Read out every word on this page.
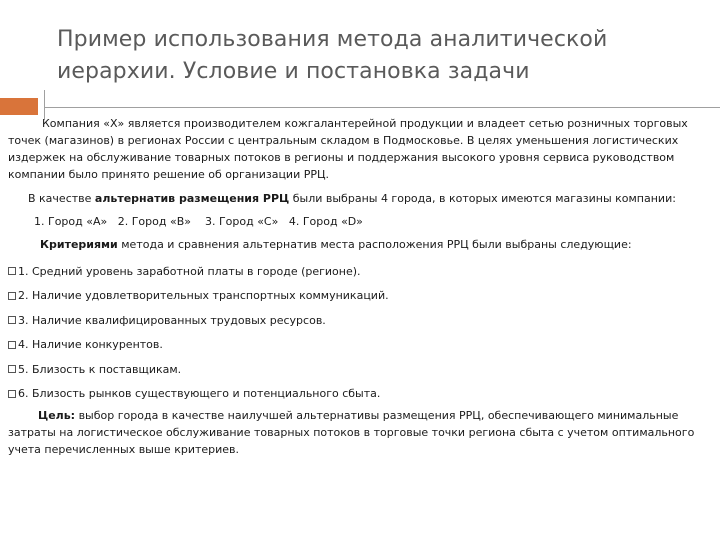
Пример использования метода аналитической
иерархии. Условие и постановка задачи

Компания «Х» является производителем кожгалантерейной продукции и владеет сетью розничных торговых точек (магазинов) в регионах России с центральным складом в Подмосковье. В целях уменьшения логистических издержек на обслуживание товарных потоков в регионы и поддержания высокого уровня сервиса руководством компании было принято решение об организации РРЦ.

В качестве альтернатив размещения РРЦ были выбраны 4 города, в которых имеются магазины компании:

1. Город «А»   2. Город «В»    3. Город «С»   4. Город «D»

Критериями метода и сравнения альтернатив места расположения РРЦ были выбраны следующие:

1. Средний уровень заработной платы в городе (регионе).
2. Наличие удовлетворительных транспортных коммуникаций.
3. Наличие квалифицированных трудовых ресурсов.
4. Наличие конкурентов.
5. Близость к поставщикам.
6. Близость рынков существующего и потенциального сбыта.

Цель: выбор города в качестве наилучшей альтернативы размещения РРЦ, обеспечивающего минимальные затраты на логистическое обслуживание товарных потоков в торговые точки региона сбыта с учетом оптимального учета перечисленных выше критериев.
